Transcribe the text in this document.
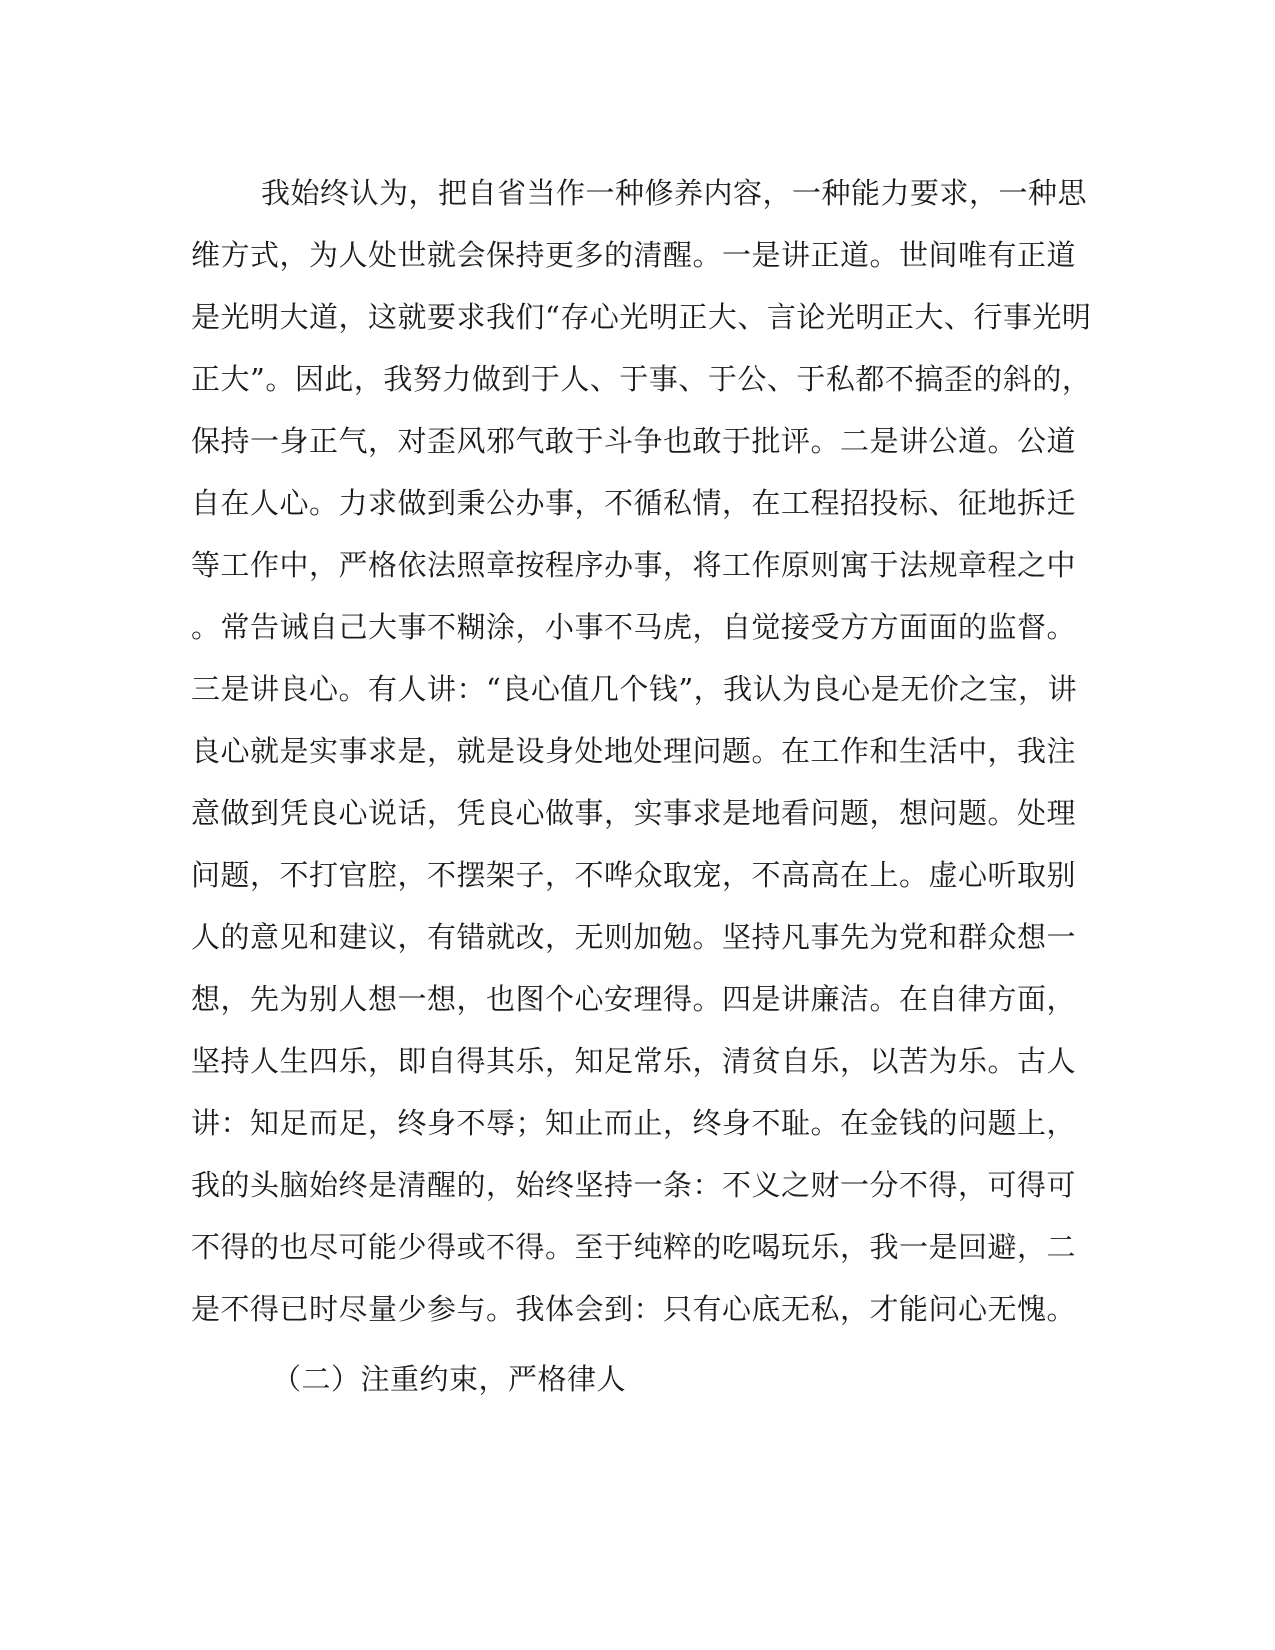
我始终认为，把自省当作一种修养内容，一种能力要求，一种思
维方式，为人处世就会保持更多的清醒。一是讲正道。世间唯有正道
是光明大道，这就要求我们“存心光明正大、言论光明正大、行事光明
正大”。因此，我努力做到于人、于事、于公、于私都不搞歪的斜的，
保持一身正气，对歪风邪气敢于斗争也敢于批评。二是讲公道。公道
自在人心。力求做到秉公办事，不循私情，在工程招投标、征地拆迁
等工作中，严格依法照章按程序办事，将工作原则寓于法规章程之中
。常告诫自己大事不糊涂，小事不马虎，自觉接受方方面面的监督。
三是讲良心。有人讲：“良心值几个钱”，我认为良心是无价之宝，讲
良心就是实事求是，就是设身处地处理问题。在工作和生活中，我注
意做到凭良心说话，凭良心做事，实事求是地看问题，想问题。处理
问题，不打官腔，不摆架子，不哗众取宠，不高高在上。虚心听取别
人的意见和建议，有错就改，无则加勉。坚持凡事先为党和群众想一
想，先为别人想一想，也图个心安理得。四是讲廉洁。在自律方面，
坚持人生四乐，即自得其乐，知足常乐，清贫自乐，以苦为乐。古人
讲：知足而足，终身不辱；知止而止，终身不耻。在金钱的问题上，
我的头脑始终是清醒的，始终坚持一条：不义之财一分不得，可得可
不得的也尽可能少得或不得。至于纯粹的吃喝玩乐，我一是回避，二
是不得已时尽量少参与。我体会到：只有心底无私，才能问心无愧。
（二）注重约束，严格律人
